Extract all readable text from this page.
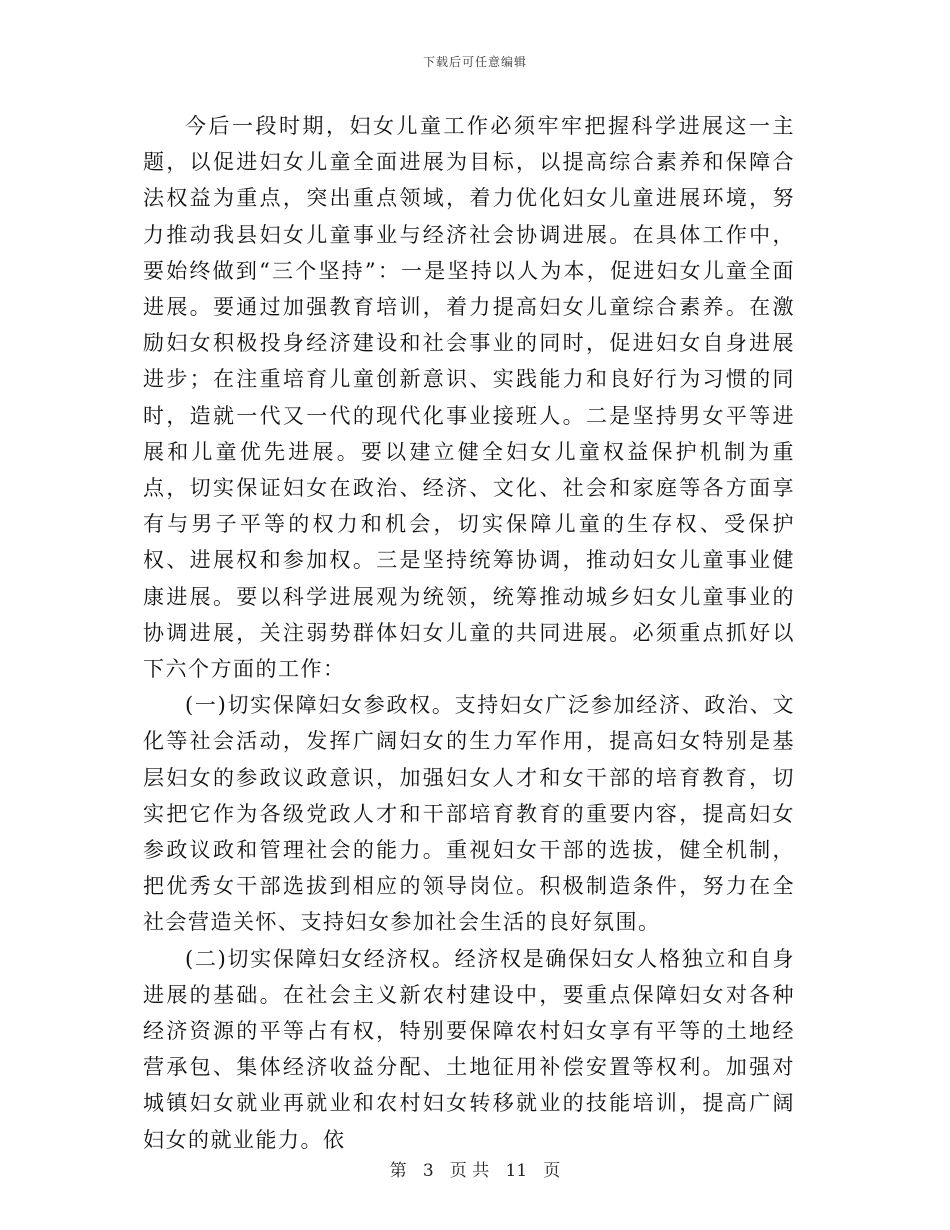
下载后可任意编辑

今后一段时期，妇女儿童工作必须牢牢把握科学进展这一主题，以促进妇女儿童全面进展为目标，以提高综合素养和保障合法权益为重点，突出重点领域，着力优化妇女儿童进展环境，努力推动我县妇女儿童事业与经济社会协调进展。在具体工作中，要始终做到“三个坚持”：一是坚持以人为本，促进妇女儿童全面进展。要通过加强教育培训，着力提高妇女儿童综合素养。在激励妇女积极投身经济建设和社会事业的同时，促进妇女自身进展进步；在注重培育儿童创新意识、实践能力和良好行为习惯的同时，造就一代又一代的现代化事业接班人。二是坚持男女平等进展和儿童优先进展。要以建立健全妇女儿童权益保护机制为重点，切实保证妇女在政治、经济、文化、社会和家庭等各方面享有与男子平等的权力和机会，切实保障儿童的生存权、受保护权、进展权和参加权。三是坚持统筹协调，推动妇女儿童事业健康进展。要以科学进展观为统领，统筹推动城乡妇女儿童事业的协调进展，关注弱势群体妇女儿童的共同进展。必须重点抓好以下六个方面的工作：

(一)切实保障妇女参政权。支持妇女广泛参加经济、政治、文化等社会活动，发挥广阔妇女的生力军作用，提高妇女特别是基层妇女的参政议政意识，加强妇女人才和女干部的培育教育，切实把它作为各级党政人才和干部培育教育的重要内容，提高妇女参政议政和管理社会的能力。重视妇女干部的选拔，健全机制，把优秀女干部选拔到相应的领导岗位。积极制造条件，努力在全社会营造关怀、支持妇女参加社会生活的良好氛围。

(二)切实保障妇女经济权。经济权是确保妇女人格独立和自身进展的基础。在社会主义新农村建设中，要重点保障妇女对各种经济资源的平等占有权，特别要保障农村妇女享有平等的土地经营承包、集体经济收益分配、土地征用补偿安置等权利。加强对城镇妇女就业再就业和农村妇女转移就业的技能培训，提高广阔妇女的就业能力。依

第 3 页 共 11 页
